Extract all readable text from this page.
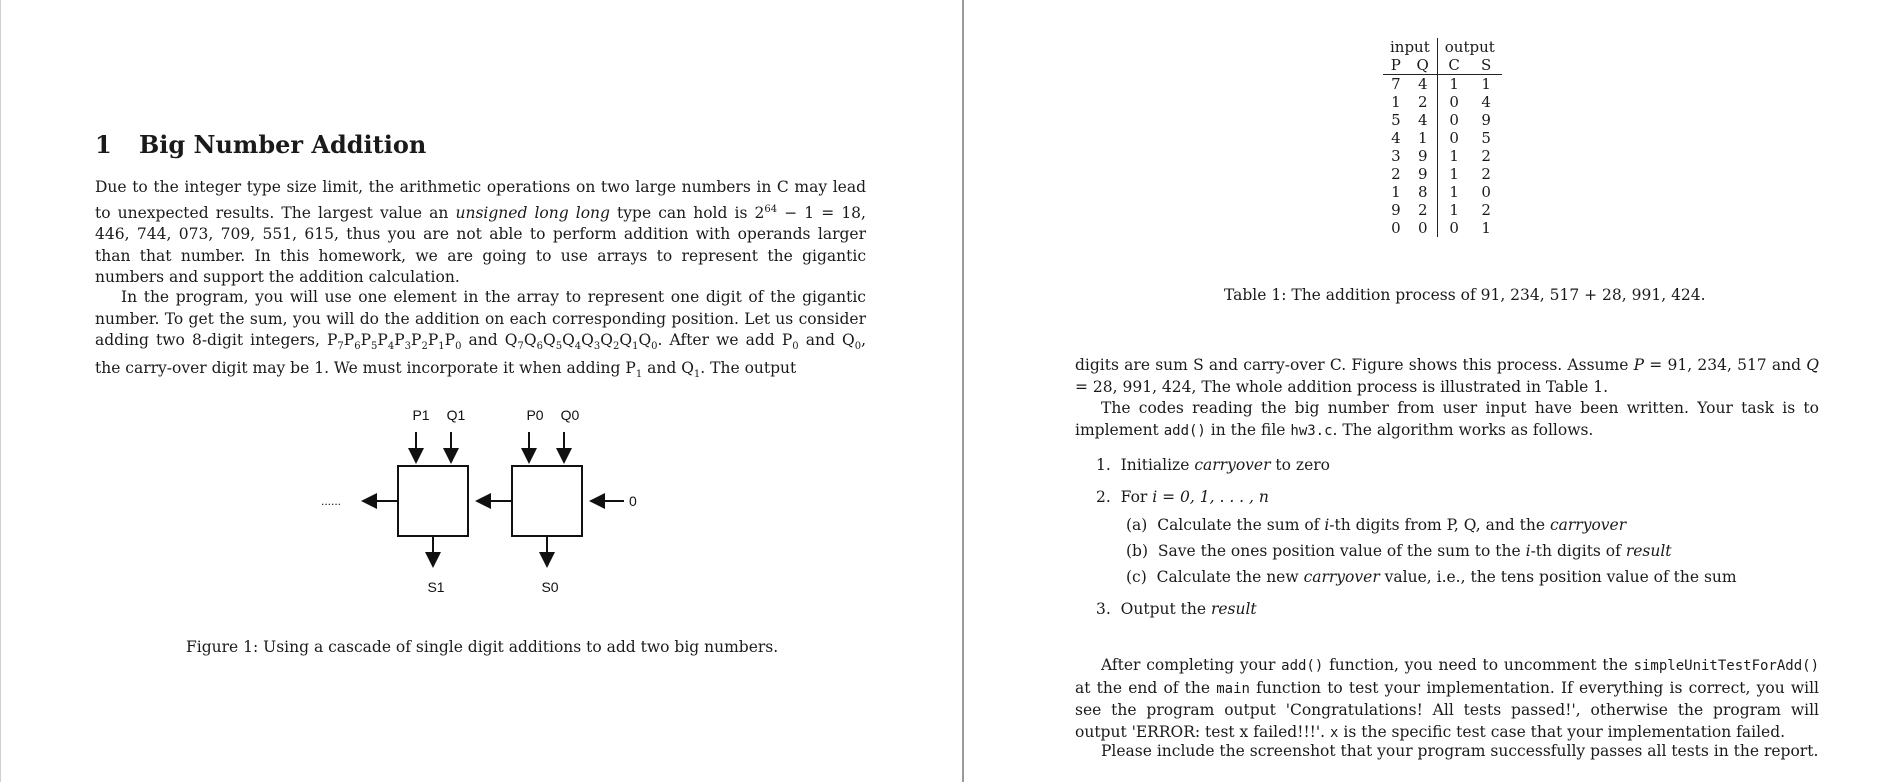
1 Big Number Addition

Due to the integer type size limit, the arithmetic operations on two large numbers in C may lead to unexpected results. The largest value an unsigned long long type can hold is $2^{64} - 1 = 18$, 446, 744, 073, 709, 551, 615, thus you are not able to perform addition with operands larger than that number. In this homework, we are going to use arrays to represent the gigantic numbers and support the addition calculation.

In the program, you will use one element in the array to represent one digit of the gigantic number. To get the sum, you will do the addition on each corresponding position. Let us consider adding two 8-digit integers, $P_7P_6P_5P_4P_3P_2P_1P_0$ and $Q_7Q_6Q_5Q_4Q_3Q_2Q_1Q_0$. After we add $P_0$ and $Q_0$, the carry-over digit may be 1. We must incorporate it when adding $P_1$ and $Q_1$. The output

P1 Q1	P0 Q0
0
......
S1	S0

Figure 1: Using a cascade of single digit additions to add two big numbers.

input		output	
P	Q	C	S
7	4	1	1
1	2	0	4
5	4	0	9
4	1	0	5
3	9	1	2
2	9	1	2
1	8	1	0
9	2	1	2
0	0	0	1

Table 1: The addition process of 91, 234, 517 + 28, 991, 424.

digits are sum S and carry-over C. Figure shows this process. Assume P = 91, 234, 517 and Q = 28, 991, 424, The whole addition process is illustrated in Table 1.

The codes reading the big number from user input have been written. Your task is to implement add() in the file hw3.c. The algorithm works as follows.

1. Initialize carryover to zero
2. For i = 0, 1, . . . , n
(a) Calculate the sum of i-th digits from P, Q, and the carryover
(b) Save the ones position value of the sum to the i-th digits of result
(c) Calculate the new carryover value, i.e., the tens position value of the sum
3. Output the result

After completing your add() function, you need to uncomment the simpleUnitTestForAdd() at the end of the main function to test your implementation. If everything is correct, you will see the program output 'Congratulations! All tests passed!', otherwise the program will output 'ERROR: test x failed!!!'. x is the specific test case that your implementation failed.

Please include the screenshot that your program successfully passes all tests in the report.
